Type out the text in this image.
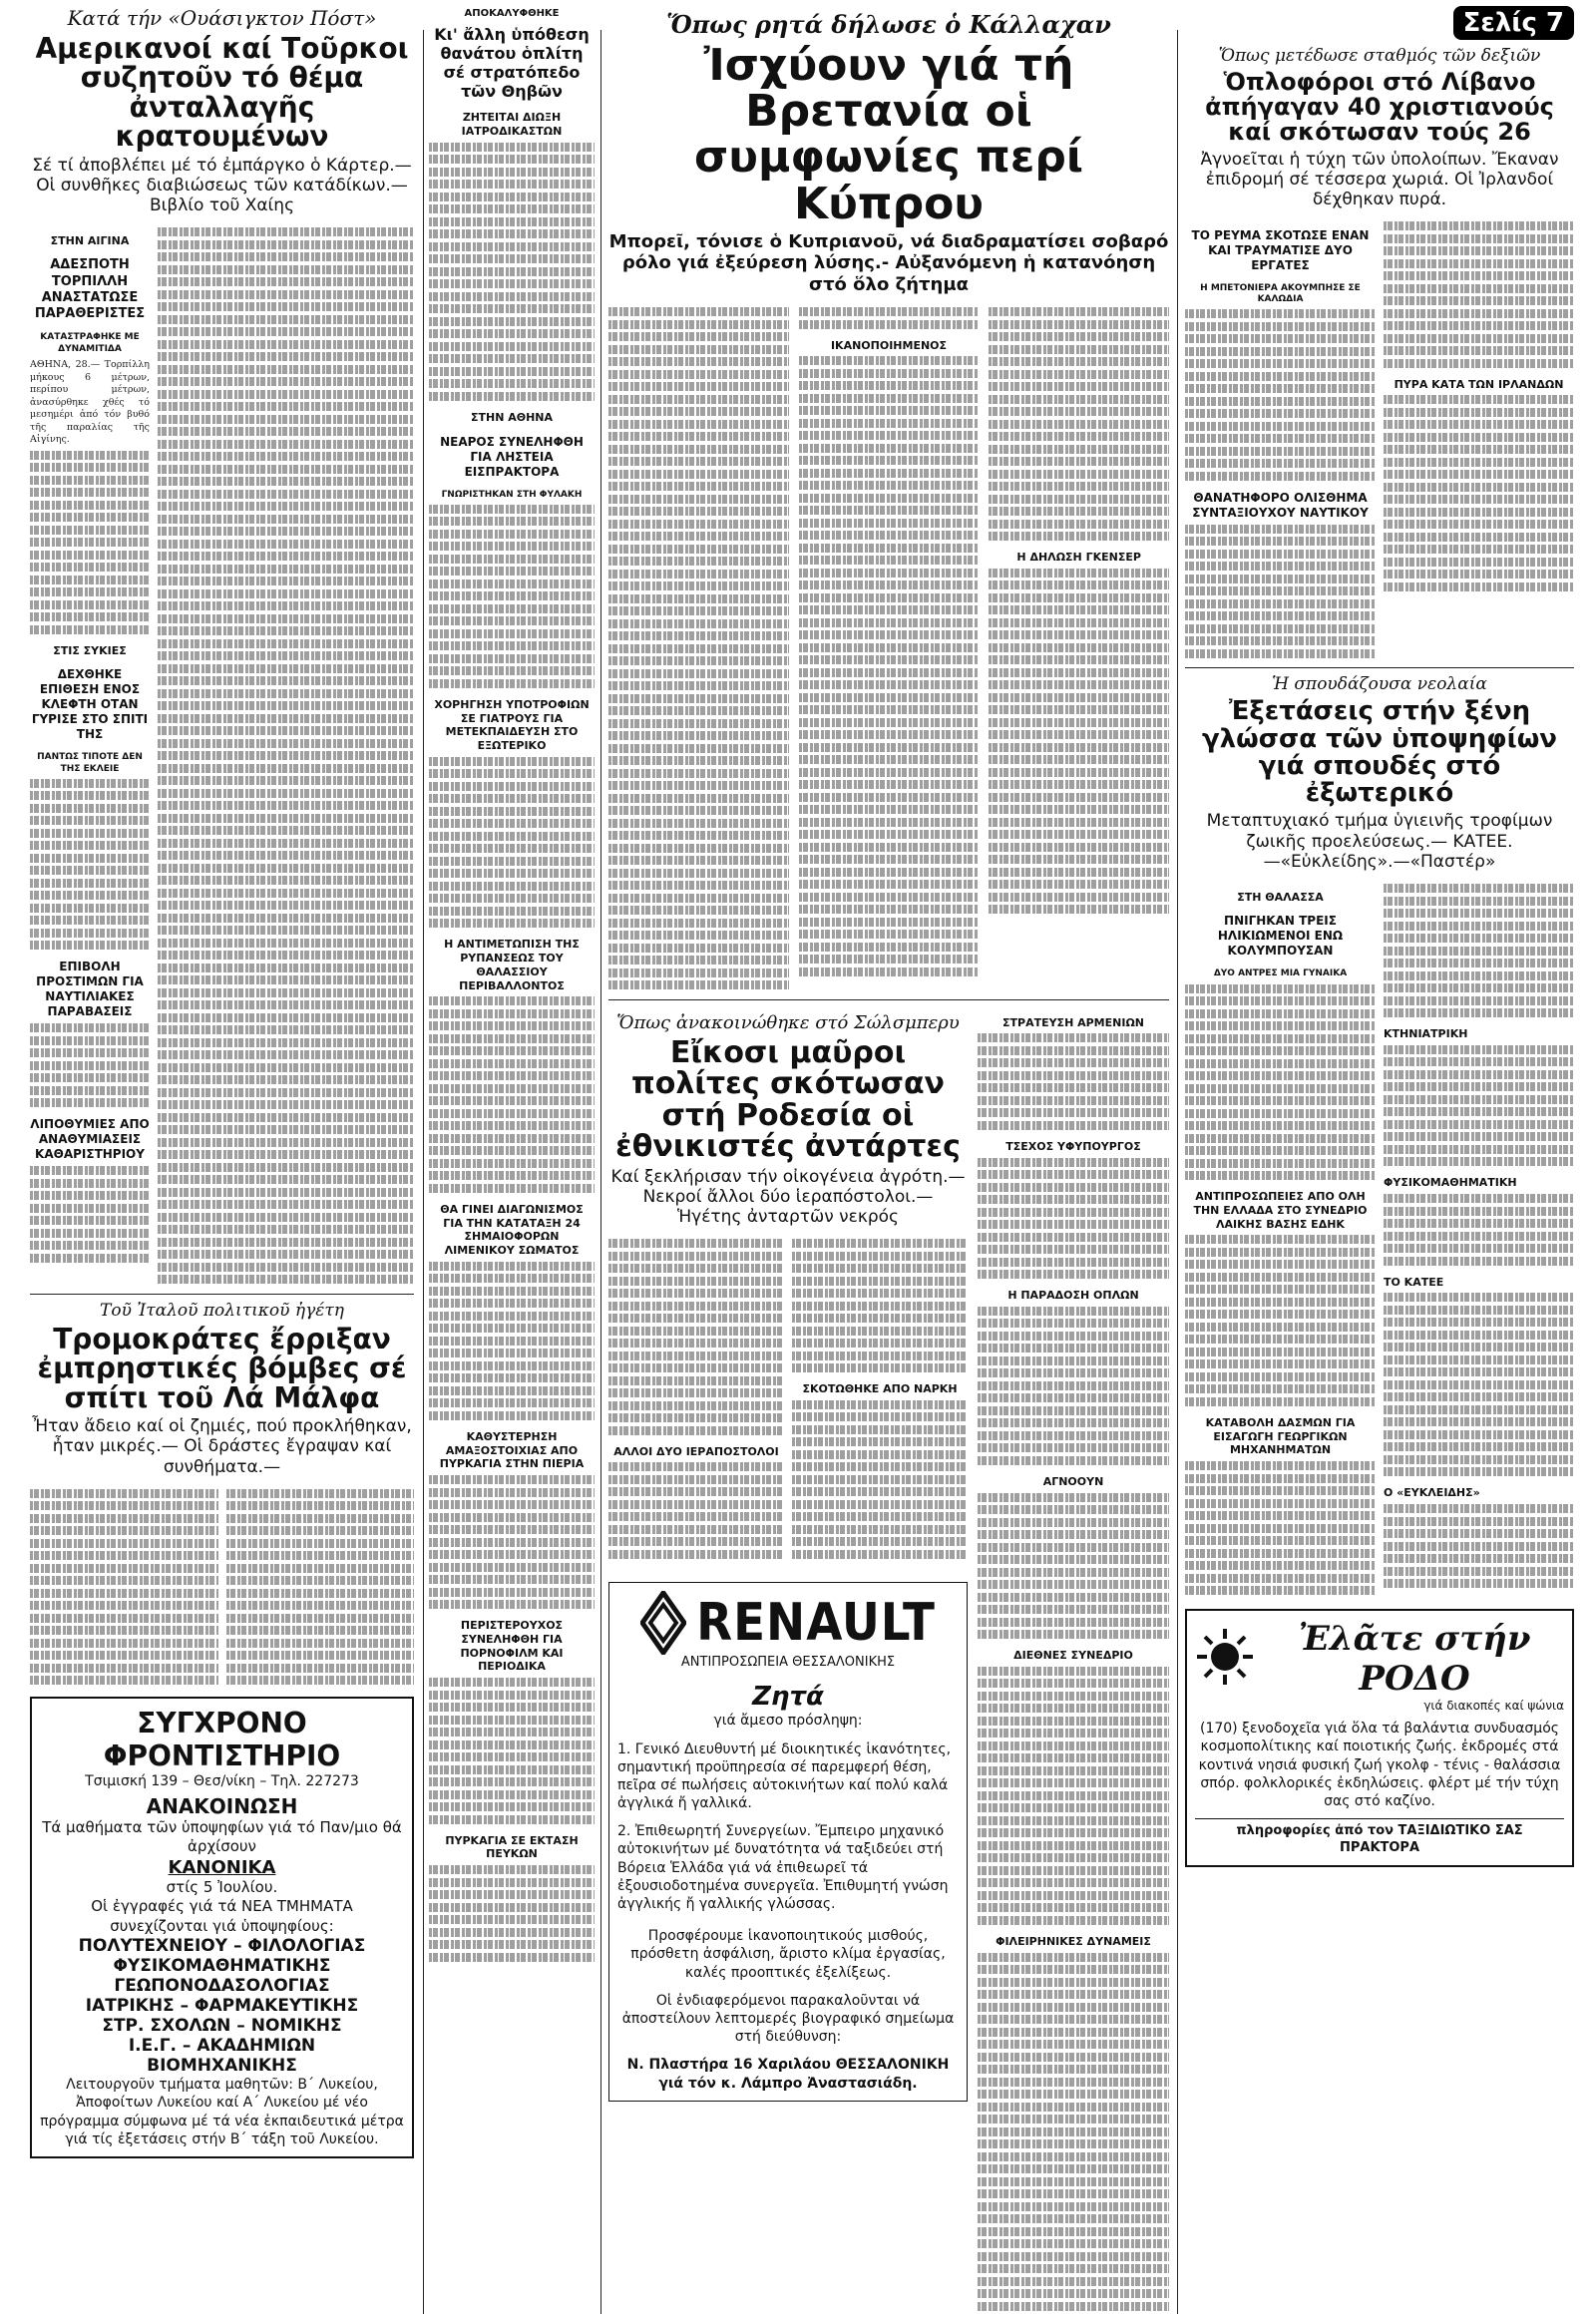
Κατά τήν «Ουάσιγκτον Πόστ»
Αμερικανοί καί Τοῦρκοι συζητοῦν τό θέμα ἀνταλλαγῆς κρατουμένων
Σέ τί ἀποβλέπει μέ τό ἐμπάργκο ὁ Κάρτερ.— Οἱ συνθῆκες διαβιώσεως τῶν κατάδίκων.— Βιβλίο τοῦ Χαίης
ΣΤΗΝ ΑΙΓΙΝΑ
ΑΔΕΣΠΟΤΗ ΤΟΡΠΙΛΛΗ ΑΝΑΣΤΑΤΩΣΕ ΠΑΡΑΘΕΡΙΣΤΕΣ
ΚΑΤΑΣΤΡΑΦΗΚΕ ΜΕ ΔΥΝΑΜΙΤΙΔΑ

ΑΘΗΝΑ, 28.— Τορπίλλη μήκους 6 μέτρων, περίπου μέτρων, ἀνασύρθηκε χθές τό μεσημέρι ἀπό τόν βυθό τῆς παραλίας τῆς Αἰγίνης.

ΣΤΙΣ ΣΥΚΙΕΣ
ΔΕΧΘΗΚΕ ΕΠΙΘΕΣΗ ΕΝΟΣ ΚΛΕΦΤΗ ΟΤΑΝ ΓΥΡΙΣΕ ΣΤΟ ΣΠΙΤΙ ΤΗΣ
ΠΑΝΤΩΣ ΤΙΠΟΤΕ ΔΕΝ ΤΗΣ ΕΚΛΕΙΕ
ΕΠΙΒΟΛΗ ΠΡΟΣΤΙΜΩΝ ΓΙΑ ΝΑΥΤΙΛΙΑΚΕΣ ΠΑΡΑΒΑΣΕΙΣ
ΛΙΠΟΘΥΜΙΕΣ ΑΠΟ ΑΝΑΘΥΜΙΑΣΕΙΣ ΚΑΘΑΡΙΣΤΗΡΙΟΥ
Τοῦ Ἰταλοῦ πολιτικοῦ ἡγέτη
Τρομοκράτες ἔρριξαν ἐμπρηστικές βόμβες σέ σπίτι τοῦ Λά Μάλφα
Ἦταν ἄδειο καί οἱ ζημιές, πού προκλήθηκαν, ἦταν μικρές.— Οἱ δράστες ἔγραψαν καί συνθήματα.—
ΣΥΓΧΡΟΝΟ ΦΡΟΝΤΙΣΤΗΡΙΟ
Τσιμισκή 139 – Θεσ/νίκη – Τηλ. 227273
ΑΝΑΚΟΙΝΩΣΗ
Τά μαθήματα τῶν ὑποψηφίων γιά τό Παν/μιο θά ἀρχίσουν
ΚΑΝΟΝΙΚΑ
στίς 5 Ἰουλίου.
Οἱ ἐγγραφές γιά τά ΝΕΑ ΤΜΗΜΑΤΑ συνεχίζονται γιά ὑποψηφίους:
ΠΟΛΥΤΕΧΝΕΙΟΥ – ΦΙΛΟΛΟΓΙΑΣ
ΦΥΣΙΚΟΜΑΘΗΜΑΤΙΚΗΣ
ΓΕΩΠΟΝΟΔΑΣΟΛΟΓΙΑΣ
ΙΑΤΡΙΚΗΣ – ΦΑΡΜΑΚΕΥΤΙΚΗΣ
ΣΤΡ. ΣΧΟΛΩΝ – ΝΟΜΙΚΗΣ
Ι.Ε.Γ. – ΑΚΑΔΗΜΙΩΝ
ΒΙΟΜΗΧΑΝΙΚΗΣ
Λειτουργοῦν τμήματα μαθητῶν: Β΄ Λυκείου, Ἀποφοίτων Λυκείου καί Α΄ Λυκείου μέ νέο πρόγραμμα σύμφωνα μέ τά νέα ἐκπαιδευτικά μέτρα γιά τίς ἐξετάσεις στήν Β΄ τάξη τοῦ Λυκείου.
ΑΠΟΚΑΛΥΦΘΗΚΕ
Κι' ἄλλη ὑπόθεση θανάτου ὁπλίτη σέ στρατόπεδο τῶν Θηβῶν
ΖΗΤΕΙΤΑΙ ΔΙΩΞΗ ΙΑΤΡΟΔΙΚΑΣΤΩΝ
ΣΤΗΝ ΑΘΗΝΑ
ΝΕΑΡΟΣ ΣΥΝΕΛΗΦΘΗ ΓΙΑ ΛΗΣΤΕΙΑ ΕΙΣΠΡΑΚΤΟΡΑ
ΓΝΩΡΙΣΤΗΚΑΝ ΣΤΗ ΦΥΛΑΚΗ
ΧΟΡΗΓΗΣΗ ΥΠΟΤΡΟΦΙΩΝ ΣΕ ΓΙΑΤΡΟΥΣ ΓΙΑ ΜΕΤΕΚΠΑΙΔΕΥΣΗ ΣΤΟ ΕΞΩΤΕΡΙΚΟ
Η ΑΝΤΙΜΕΤΩΠΙΣΗ ΤΗΣ ΡΥΠΑΝΣΕΩΣ ΤΟΥ ΘΑΛΑΣΣΙΟΥ ΠΕΡΙΒΑΛΛΟΝΤΟΣ
ΘΑ ΓΙΝΕΙ ΔΙΑΓΩΝΙΣΜΟΣ ΓΙΑ ΤΗΝ ΚΑΤΑΤΑΞΗ 24 ΣΗΜΑΙΟΦΟΡΩΝ ΛΙΜΕΝΙΚΟΥ ΣΩΜΑΤΟΣ
ΚΑΘΥΣΤΕΡΗΣΗ ΑΜΑΞΟΣΤΟΙΧΙΑΣ ΑΠΟ ΠΥΡΚΑΓΙΑ ΣΤΗΝ ΠΙΕΡΙΑ
ΠΕΡΙΣΤΕΡΟΥΧΟΣ ΣΥΝΕΛΗΦΘΗ ΓΙΑ ΠΟΡΝΟΦΙΛΜ ΚΑΙ ΠΕΡΙΟΔΙΚΑ
ΠΥΡΚΑΓΙΑ ΣΕ ΕΚΤΑΣΗ ΠΕΥΚΩΝ
Ὅπως ρητά δήλωσε ὁ Κάλλαχαν
Ἰσχύουν γιά τή Βρετανία οἱ συμφωνίες περί Κύπρου
Μπορεῖ, τόνισε ὁ Κυπριανοῦ, νά διαδραματίσει σοβαρό ρόλο γιά ἐξεύρεση λύσης.- Αὐξανόμενη ἡ κατανόηση στό ὅλο ζήτημα
ΙΚΑΝΟΠΟΙΗΜΕΝΟΣ
Η ΔΗΛΩΣΗ ΓΚΕΝΣΕΡ
Ὅπως ἀνακοινώθηκε στό Σώλσμπερυ
Εἴκοσι μαῦροι πολίτες σκότωσαν στή Ροδεσία οἱ ἐθνικιστές ἀντάρτες
Καί ξεκλήρισαν τήν οἰκογένεια ἀγρότη.—Νεκροί ἄλλοι δύο ἱεραπόστολοι.— Ἡγέτης ἀνταρτῶν νεκρός
ΑΛΛΟΙ ΔΥΟ ΙΕΡΑΠΟΣΤΟΛΟΙ
ΣΚΟΤΩΘΗΚΕ ΑΠΟ ΝΑΡΚΗ
RENAULT
ΑΝΤΙΠΡΟΣΩΠΕΙΑ ΘΕΣΣΑΛΟΝΙΚΗΣ
Ζητά
γιά ἄμεσο πρόσληψη:
1. Γενικό Διευθυντή μέ διοικητικές ἱκανότητες, σημαντική προϋπηρεσία σέ παρεμφερή θέση, πεῖρα σέ πωλήσεις αὐτοκινήτων καί πολύ καλά ἀγγλικά ἤ γαλλικά.
2. Ἐπιθεωρητή Συνεργείων. Ἔμπειρο μηχανικό αὐτοκινήτων μέ δυνατότητα νά ταξιδεύει στή Βόρεια Ἑλλάδα γιά νά ἐπιθεωρεῖ τά ἐξουσιοδοτημένα συνεργεῖα. Ἐπιθυμητή γνώση ἀγγλικής ἤ γαλλικής γλώσσας.
Προσφέρουμε ἱκανοποιητικούς μισθούς, πρόσθετη ἀσφάλιση, ἄριστο κλίμα ἐργασίας, καλές προοπτικές ἐξελίξεως.
Οἱ ἐνδιαφερόμενοι παρακαλοῦνται νά ἀποστείλουν λεπτομερές βιογραφικό σημείωμα στή διεύθυνση:
Ν. Πλαστήρα 16 Χαριλάου ΘΕΣΣΑΛΟΝΙΚΗ γιά τόν κ. Λάμπρο Ἀναστασιάδη.
ΣΤΡΑΤΕΥΣΗ ΑΡΜΕΝΙΩΝ
ΤΣΕΧΟΣ ΥΦΥΠΟΥΡΓΟΣ
Η ΠΑΡΑΔΟΣΗ ΟΠΛΩΝ
ΑΓΝΟΟΥΝ
ΔΙΕΘΝΕΣ ΣΥΝΕΔΡΙΟ
ΦΙΛΕΙΡΗΝΙΚΕΣ ΔΥΝΑΜΕΙΣ
Σελίς 7
Ὅπως μετέδωσε σταθμός τῶν δεξιῶν
Ὁπλοφόροι στό Λίβανο ἀπήγαγαν 40 χριστιανούς καί σκότωσαν τούς 26
Ἀγνοεῖται ἡ τύχη τῶν ὑπολοίπων. Ἔκαναν ἐπιδρομή σέ τέσσερα χωριά. Οἱ Ἰρλανδοί δέχθηκαν πυρά.
ΤΟ ΡΕΥΜΑ ΣΚΟΤΩΣΕ ΕΝΑΝ ΚΑΙ ΤΡΑΥΜΑΤΙΣΕ ΔΥΟ ΕΡΓΑΤΕΣ
Η ΜΠΕΤΟΝΙΕΡΑ ΑΚΟΥΜΠΗΣΕ ΣΕ ΚΑΛΩΔΙΑ
ΘΑΝΑΤΗΦΟΡΟ ΟΛΙΣΘΗΜΑ ΣΥΝΤΑΞΙΟΥΧΟΥ ΝΑΥΤΙΚΟΥ
ΠΥΡΑ ΚΑΤΑ ΤΩΝ ΙΡΛΑΝΔΩΝ
Ἡ σπουδάζουσα νεολαία
Ἐξετάσεις στήν ξένη γλώσσα τῶν ὑποψηφίων γιά σπουδές στό ἐξωτερικό
Μεταπτυχιακό τμήμα ὑγιεινῆς τροφίμων ζωικῆς προελεύσεως.— ΚΑΤΕΕ.—«Εὐκλείδης».—«Παστέρ»
ΣΤΗ ΘΑΛΑΣΣΑ
ΠΝΙΓΗΚΑΝ ΤΡΕΙΣ ΗΛΙΚΙΩΜΕΝΟΙ ΕΝΩ ΚΟΛΥΜΠΟΥΣΑΝ
ΔΥΟ ΑΝΤΡΕΣ ΜΙΑ ΓΥΝΑΙΚΑ
ΑΝΤΙΠΡΟΣΩΠΕΙΕΣ ΑΠΟ ΟΛΗ ΤΗΝ ΕΛΛΑΔΑ ΣΤΟ ΣΥΝΕΔΡΙΟ ΛΑΙΚΗΣ ΒΑΣΗΣ ΕΔΗΚ
ΚΑΤΑΒΟΛΗ ΔΑΣΜΩΝ ΓΙΑ ΕΙΣΑΓΩΓΗ ΓΕΩΡΓΙΚΩΝ ΜΗΧΑΝΗΜΑΤΩΝ
ΚΤΗΝΙΑΤΡΙΚΗ
ΦΥΣΙΚΟΜΑΘΗΜΑΤΙΚΗ
ΤΟ ΚΑΤΕΕ
Ο «ΕΥΚΛΕΙΔΗΣ»
Ἐλᾶτε στήν ΡΟΔΟ
γιά διακοπές καί ψώνια
(170) ξενοδοχεῖα γιά ὅλα τά βαλάντια συνδυασμός κοσμοπολίτικης καί ποιοτικής ζωής. ἐκδρομές στά κοντινά νησιά φυσική ζωή γκολφ - τένις - θαλάσσια σπόρ. φολκλορικές ἐκδηλώσεις. φλέρτ μέ τήν τύχη σας στό καζίνο.
πληροφορίες ἀπό τον ΤΑΞΙΔΙΩΤΙΚΟ ΣΑΣ ΠΡΑΚΤΟΡΑ
